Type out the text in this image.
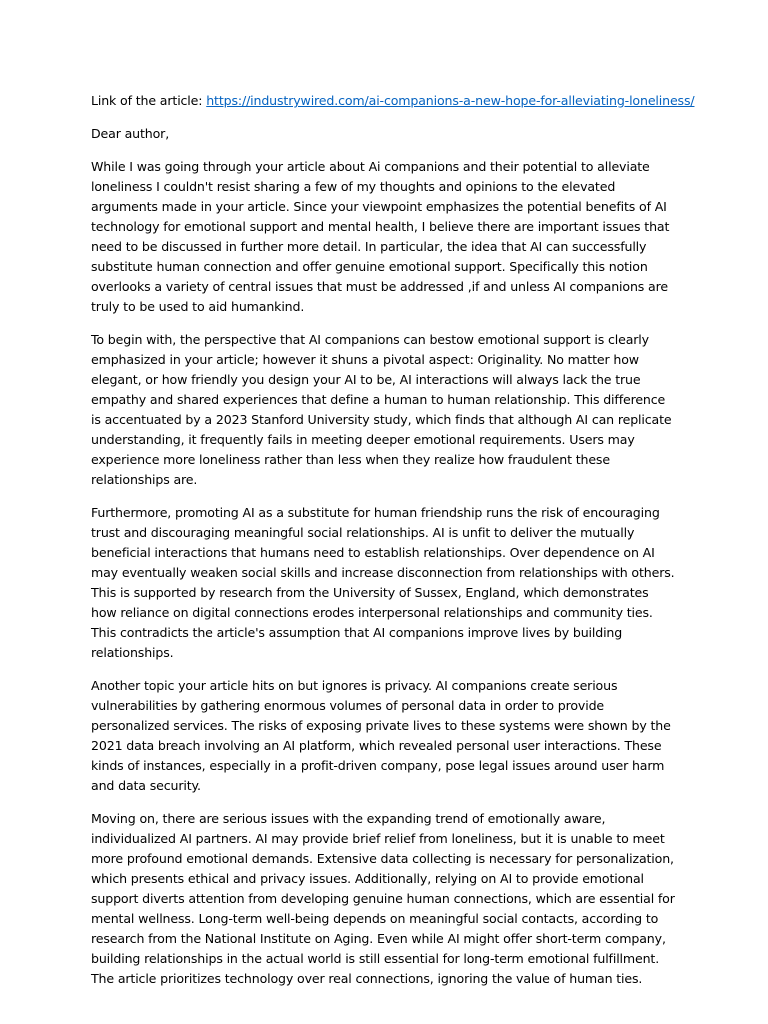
Link of the article: https://industrywired.com/ai-companions-a-new-hope-for-alleviating-loneliness/

Dear author,

While I was going through your article about Ai companions and their potential to alleviate loneliness I couldn't resist sharing a few of my thoughts and opinions to the elevated arguments made in your article. Since your viewpoint emphasizes the potential benefits of AI technology for emotional support and mental health, I believe there are important issues that need to be discussed in further more detail. In particular, the idea that AI can successfully substitute human connection and offer genuine emotional support. Specifically this notion overlooks a variety of central issues that must be addressed ,if and unless AI companions are truly to be used to aid humankind.

To begin with, the perspective that AI companions can bestow emotional support is clearly emphasized in your article; however it shuns a pivotal aspect: Originality. No matter how elegant, or how friendly you design your AI to be, AI interactions will always lack the true empathy and shared experiences that define a human to human relationship. This difference is accentuated by a 2023 Stanford University study, which finds that although AI can replicate understanding, it frequently fails in meeting deeper emotional requirements. Users may experience more loneliness rather than less when they realize how fraudulent these relationships are.

Furthermore, promoting AI as a substitute for human friendship runs the risk of encouraging trust and discouraging meaningful social relationships. AI is unfit to deliver the mutually beneficial interactions that humans need to establish relationships. Over dependence on AI may eventually weaken social skills and increase disconnection from relationships with others. This is supported by research from the University of Sussex, England, which demonstrates how reliance on digital connections erodes interpersonal relationships and community ties. This contradicts the article's assumption that AI companions improve lives by building relationships.

Another topic your article hits on but ignores is privacy. AI companions create serious vulnerabilities by gathering enormous volumes of personal data in order to provide personalized services. The risks of exposing private lives to these systems were shown by the 2021 data breach involving an AI platform, which revealed personal user interactions. These kinds of instances, especially in a profit-driven company, pose legal issues around user harm and data security.

Moving on, there are serious issues with the expanding trend of emotionally aware, individualized AI partners. AI may provide brief relief from loneliness, but it is unable to meet more profound emotional demands. Extensive data collecting is necessary for personalization, which presents ethical and privacy issues. Additionally, relying on AI to provide emotional support diverts attention from developing genuine human connections, which are essential for mental wellness. Long-term well-being depends on meaningful social contacts, according to research from the National Institute on Aging. Even while AI might offer short-term company, building relationships in the actual world is still essential for long-term emotional fulfillment. The article prioritizes technology over real connections, ignoring the value of human ties.
